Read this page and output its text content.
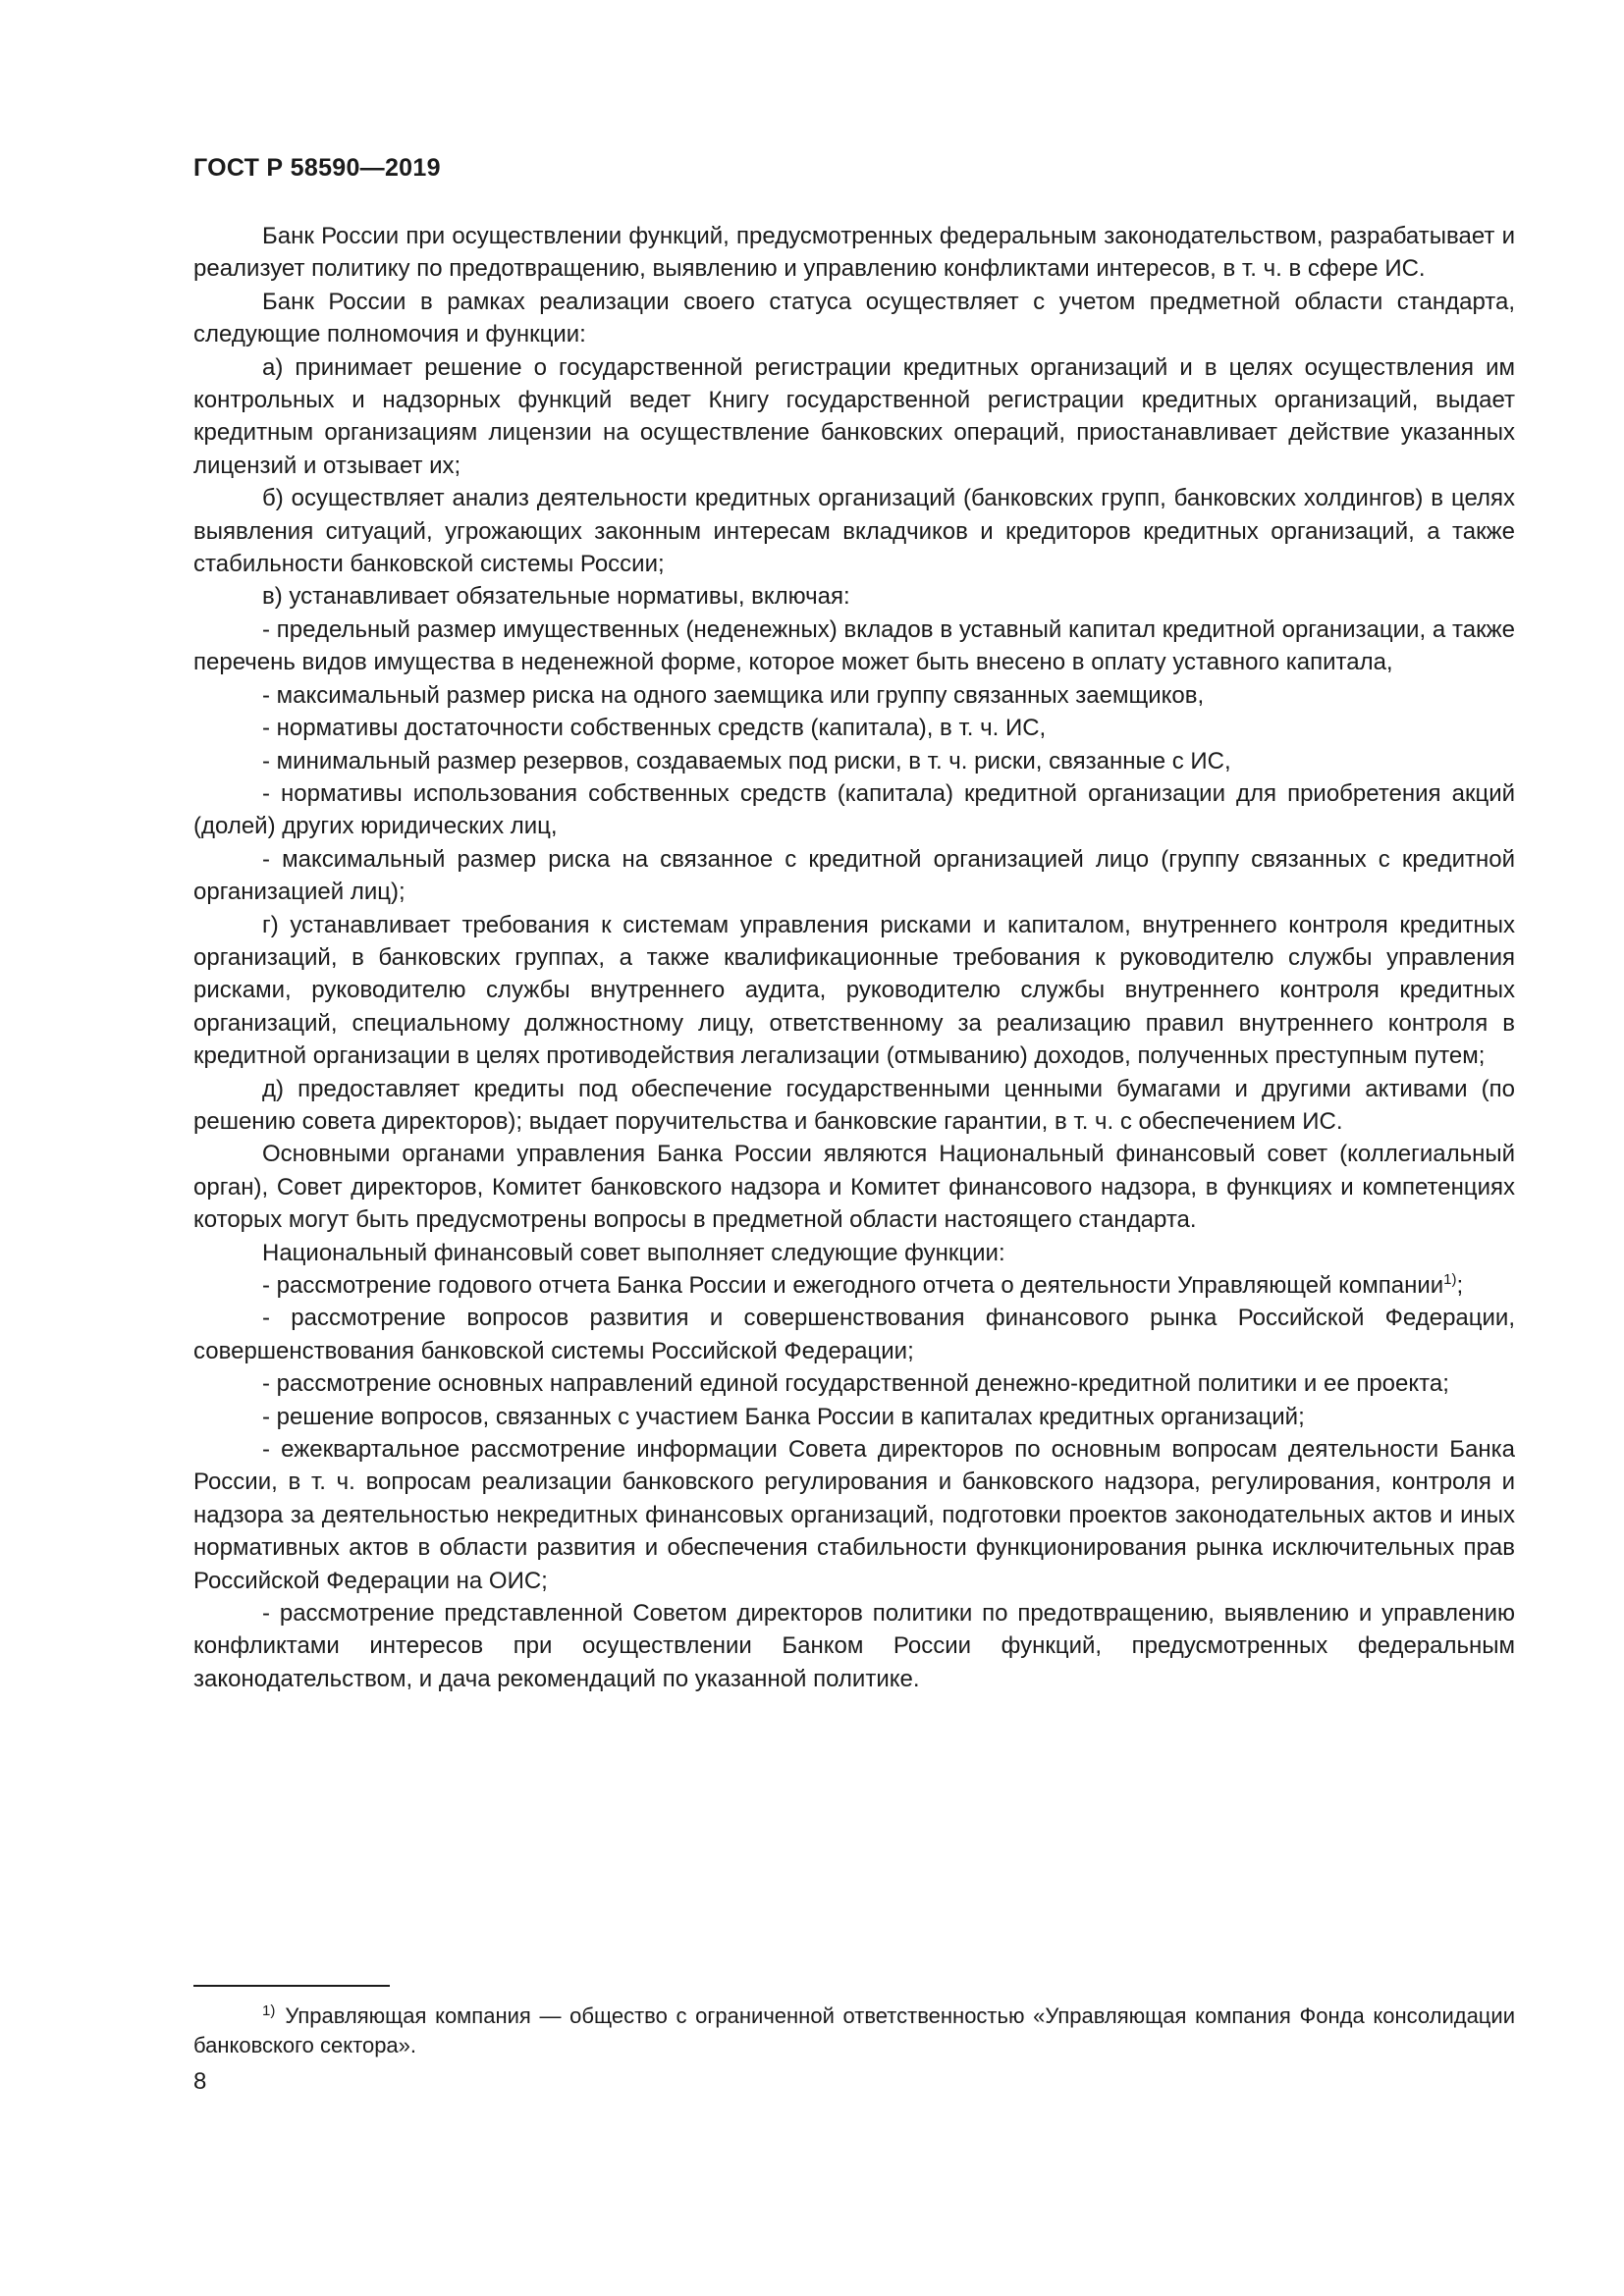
ГОСТ Р 58590—2019

Банк России при осуществлении функций, предусмотренных федеральным законодательством, разрабатывает и реализует политику по предотвращению, выявлению и управлению конфликтами интересов, в т. ч. в сфере ИС.

Банк России в рамках реализации своего статуса осуществляет с учетом предметной области стандарта, следующие полномочия и функции:

а) принимает решение о государственной регистрации кредитных организаций и в целях осуществления им контрольных и надзорных функций ведет Книгу государственной регистрации кредитных организаций, выдает кредитным организациям лицензии на осуществление банковских операций, приостанавливает действие указанных лицензий и отзывает их;

б) осуществляет анализ деятельности кредитных организаций (банковских групп, банковских холдингов) в целях выявления ситуаций, угрожающих законным интересам вкладчиков и кредиторов кредитных организаций, а также стабильности банковской системы России;

в) устанавливает обязательные нормативы, включая:

- предельный размер имущественных (неденежных) вкладов в уставный капитал кредитной организации, а также перечень видов имущества в неденежной форме, которое может быть внесено в оплату уставного капитала,

- максимальный размер риска на одного заемщика или группу связанных заемщиков,

- нормативы достаточности собственных средств (капитала), в т. ч. ИС,

- минимальный размер резервов, создаваемых под риски, в т. ч. риски, связанные с ИС,

- нормативы использования собственных средств (капитала) кредитной организации для приобретения акций (долей) других юридических лиц,

- максимальный размер риска на связанное с кредитной организацией лицо (группу связанных с кредитной организацией лиц);

г) устанавливает требования к системам управления рисками и капиталом, внутреннего контроля кредитных организаций, в банковских группах, а также квалификационные требования к руководителю службы управления рисками, руководителю службы внутреннего аудита, руководителю службы внутреннего контроля кредитных организаций, специальному должностному лицу, ответственному за реализацию правил внутреннего контроля в кредитной организации в целях противодействия легализации (отмыванию) доходов, полученных преступным путем;

д) предоставляет кредиты под обеспечение государственными ценными бумагами и другими активами (по решению совета директоров); выдает поручительства и банковские гарантии, в т. ч. с обеспечением ИС.

Основными органами управления Банка России являются Национальный финансовый совет (коллегиальный орган), Совет директоров, Комитет банковского надзора и Комитет финансового надзора, в функциях и компетенциях которых могут быть предусмотрены вопросы в предметной области настоящего стандарта.

Национальный финансовый совет выполняет следующие функции:

- рассмотрение годового отчета Банка России и ежегодного отчета о деятельности Управляющей компании$^{1)}$;

- рассмотрение вопросов развития и совершенствования финансового рынка Российской Федерации, совершенствования банковской системы Российской Федерации;

- рассмотрение основных направлений единой государственной денежно-кредитной политики и ее проекта;

- решение вопросов, связанных с участием Банка России в капиталах кредитных организаций;

- ежеквартальное рассмотрение информации Совета директоров по основным вопросам деятельности Банка России, в т. ч. вопросам реализации банковского регулирования и банковского надзора, регулирования, контроля и надзора за деятельностью некредитных финансовых организаций, подготовки проектов законодательных актов и иных нормативных актов в области развития и обеспечения стабильности функционирования рынка исключительных прав Российской Федерации на ОИС;

- рассмотрение представленной Советом директоров политики по предотвращению, выявлению и управлению конфликтами интересов при осуществлении Банком России функций, предусмотренных федеральным законодательством, и дача рекомендаций по указанной политике.

$^{1)}$ Управляющая компания — общество с ограниченной ответственностью «Управляющая компания Фонда консолидации банковского сектора».

8
